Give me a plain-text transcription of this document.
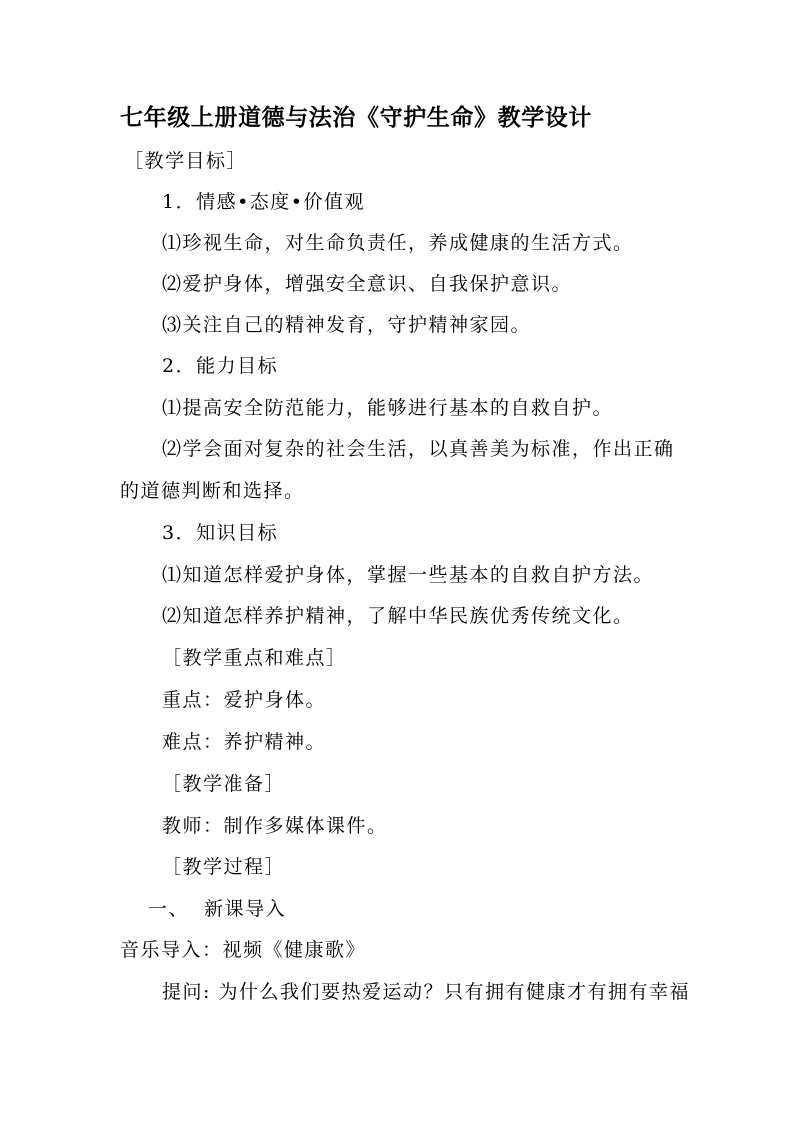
七年级上册道德与法治《守护生命》教学设计
［教学目标］
1．情感•态度•价值观
⑴珍视生命，对生命负责任，养成健康的生活方式。
⑵爱护身体，增强安全意识、自我保护意识。
⑶关注自己的精神发育，守护精神家园。
2．能力目标
⑴提高安全防范能力，能够进行基本的自救自护。
⑵学会面对复杂的社会生活，以真善美为标准，作出正确
的道德判断和选择。
3．知识目标
⑴知道怎样爱护身体，掌握一些基本的自救自护方法。
⑵知道怎样养护精神，了解中华民族优秀传统文化。
［教学重点和难点］
重点：爱护身体。
难点：养护精神。
［教学准备］
教师：制作多媒体课件。
［教学过程］
一、  新课导入
音乐导入：视频《健康歌》
提问: 为什么我们要热爱运动？只有拥有健康才有拥有幸福
